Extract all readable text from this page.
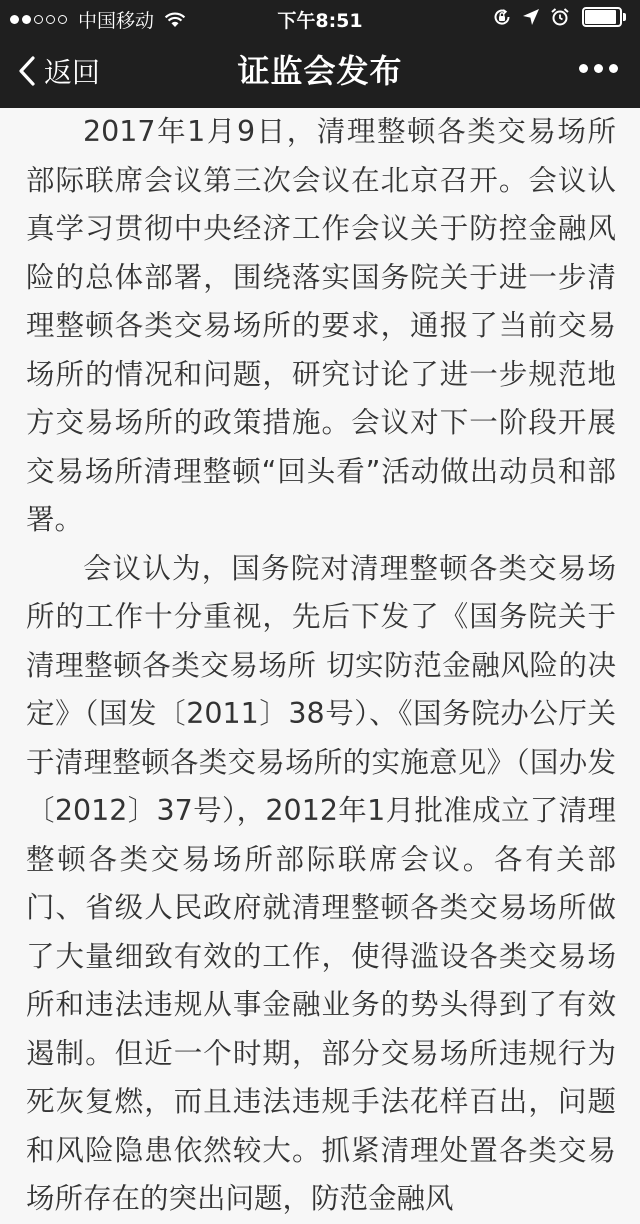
中国移动	下午8:51
返回	证监会发布

2017年1月9日，清理整顿各类交易场所部际联席会议第三次会议在北京召开。会议认真学习贯彻中央经济工作会议关于防控金融风险的总体部署，围绕落实国务院关于进一步清理整顿各类交易场所的要求，通报了当前交易场所的情况和问题，研究讨论了进一步规范地方交易场所的政策措施。会议对下一阶段开展交易场所清理整顿“回头看”活动做出动员和部署。

会议认为，国务院对清理整顿各类交易场所的工作十分重视，先后下发了《国务院关于清理整顿各类交易场所 切实防范金融风险的决定》（国发〔2011〕38号）、《国务院办公厅关于清理整顿各类交易场所的实施意见》（国办发〔2012〕37号），2012年1月批准成立了清理整顿各类交易场所部际联席会议。各有关部门、省级人民政府就清理整顿各类交易场所做了大量细致有效的工作，使得滥设各类交易场所和违法违规从事金融业务的势头得到了有效遏制。但近一个时期，部分交易场所违规行为死灰复燃，而且违法违规手法花样百出，问题和风险隐患依然较大。抓紧清理处置各类交易场所存在的突出问题，防范金融风
